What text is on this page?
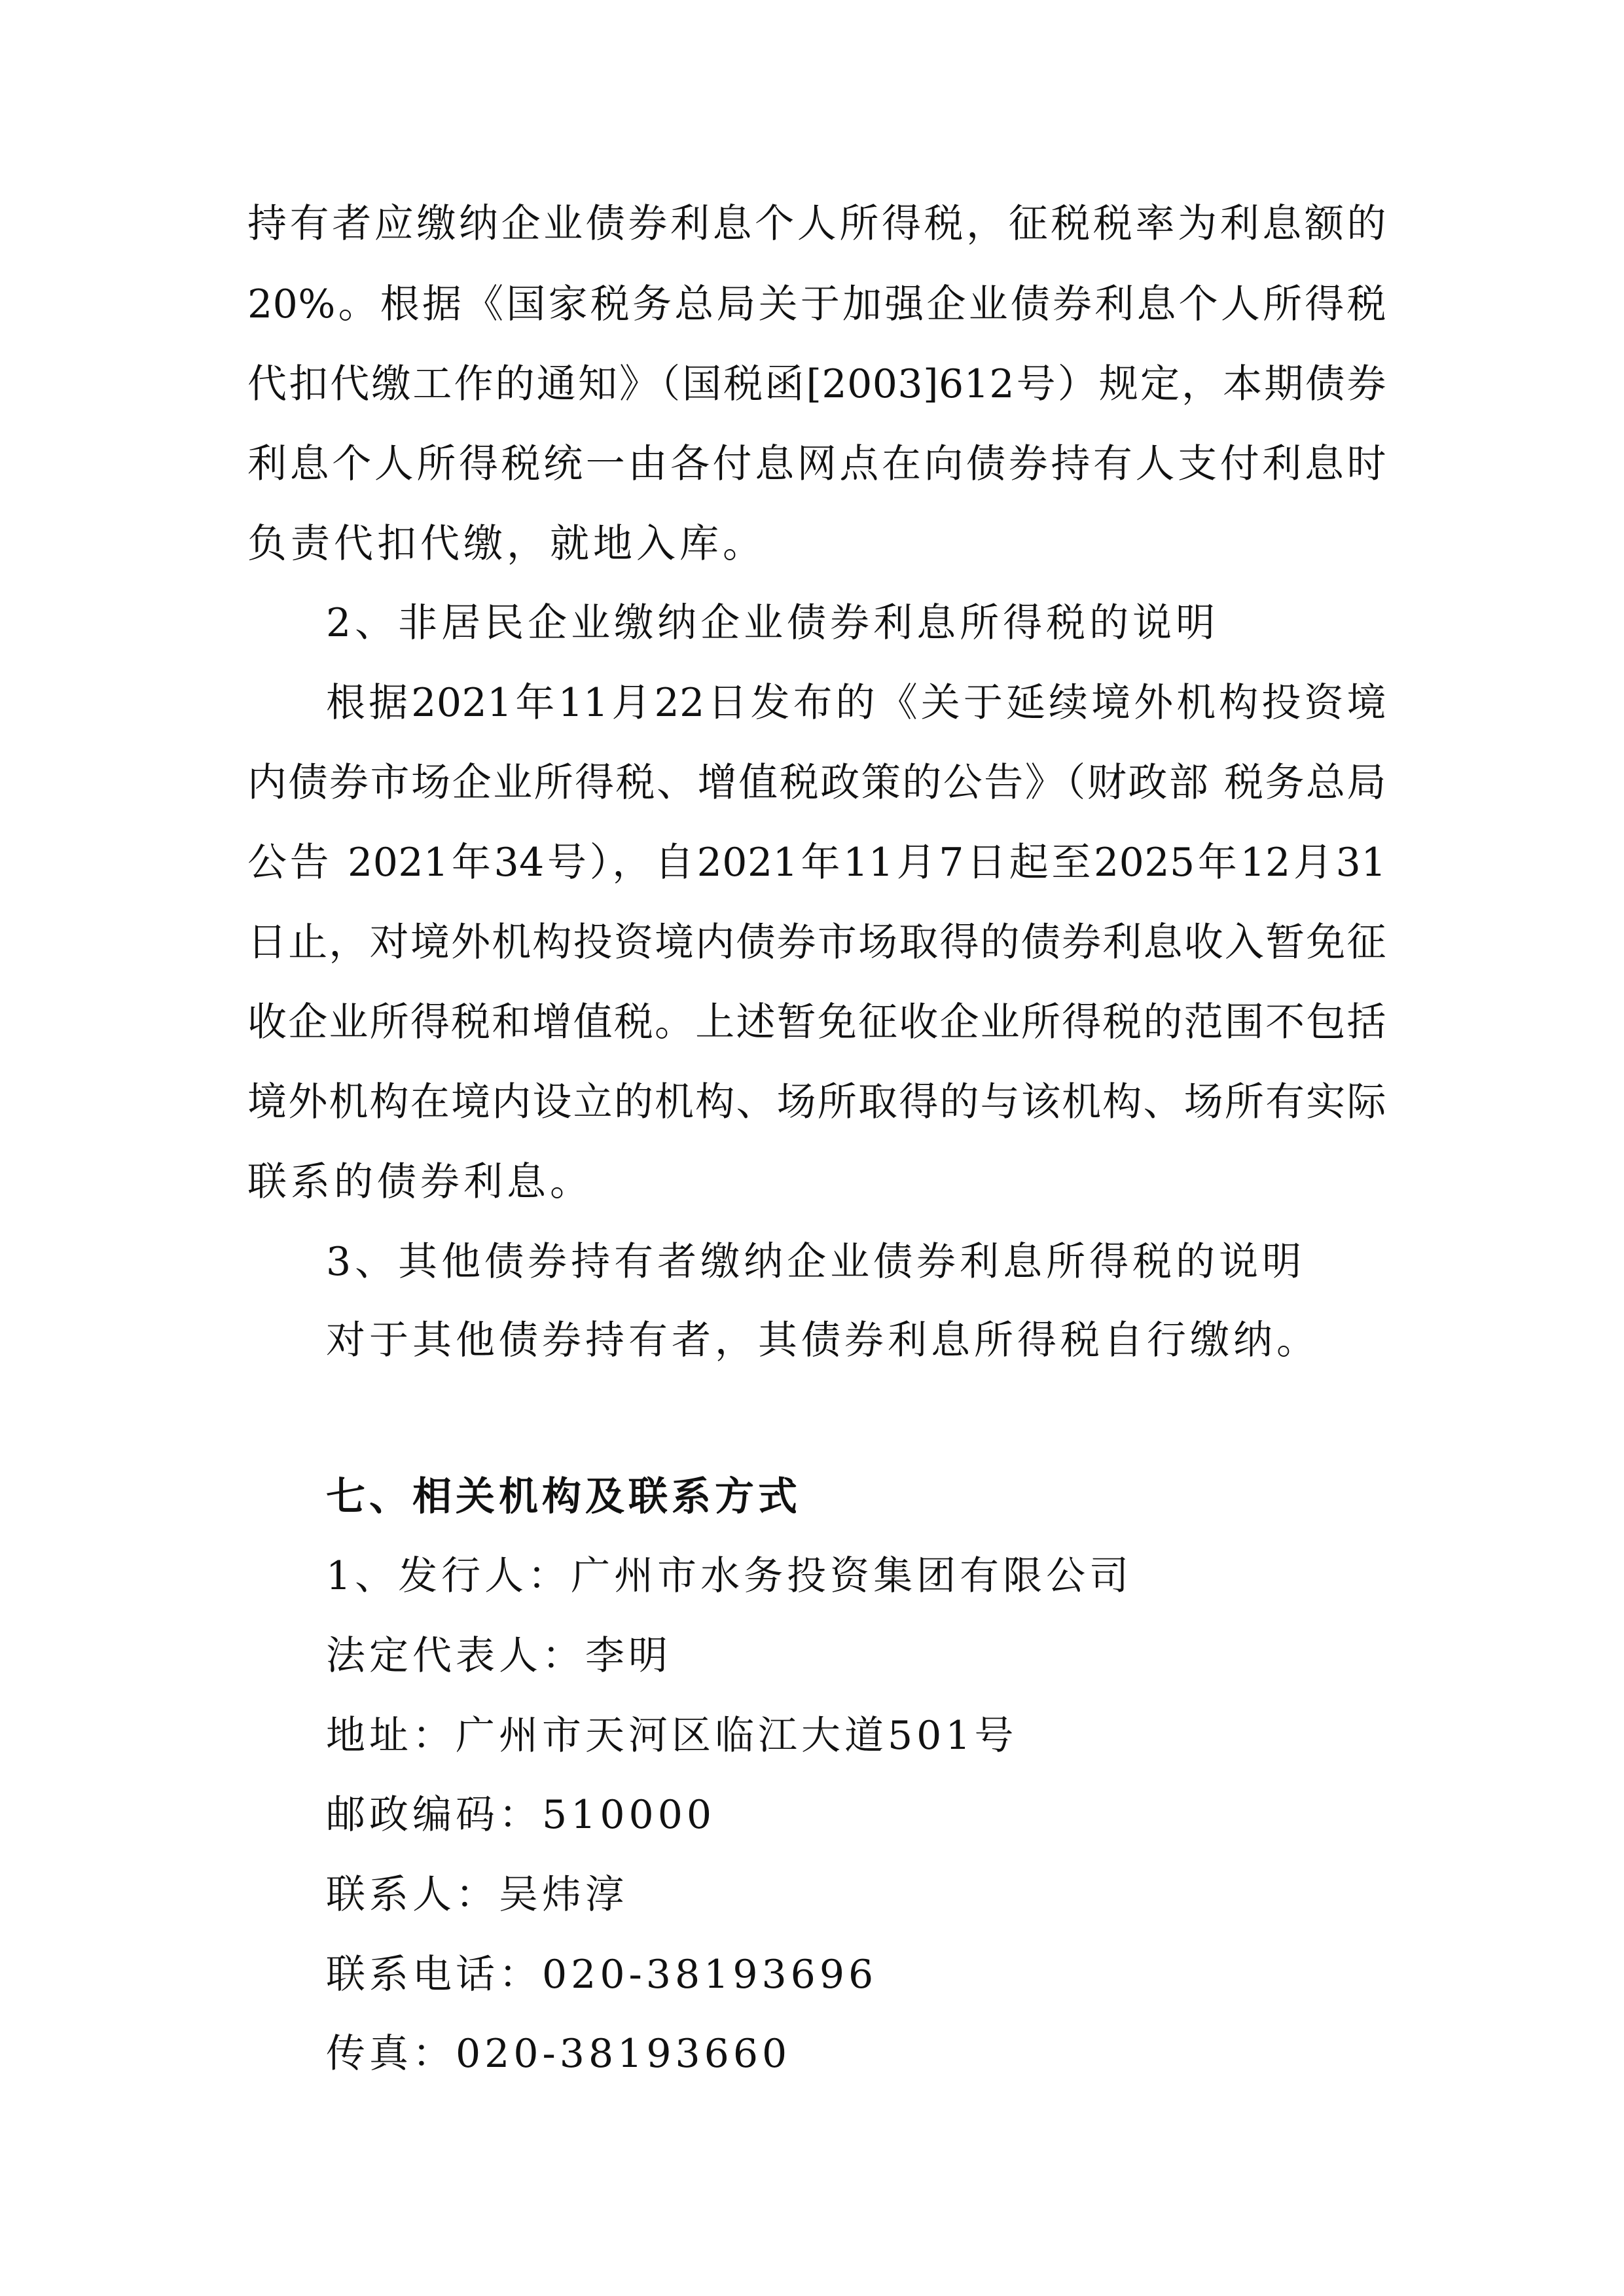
持有者应缴纳企业债券利息个人所得税，征税税率为利息额的
20%。根据《国家税务总局关于加强企业债券利息个人所得税
代扣代缴工作的通知》（国税函[2003]612号）规定，本期债券
利息个人所得税统一由各付息网点在向债券持有人支付利息时
负责代扣代缴，就地入库。
2、非居民企业缴纳企业债券利息所得税的说明
根据2021年11月22日发布的《关于延续境外机构投资境
内债券市场企业所得税、增值税政策的公告》（财政部 税务总局
公告 2021年34号），自2021年11月7日起至2025年12月31
日止，对境外机构投资境内债券市场取得的债券利息收入暂免征
收企业所得税和增值税。上述暂免征收企业所得税的范围不包括
境外机构在境内设立的机构、场所取得的与该机构、场所有实际
联系的债券利息。
3、其他债券持有者缴纳企业债券利息所得税的说明
对于其他债券持有者，其债券利息所得税自行缴纳。
七、相关机构及联系方式
1、发行人：广州市水务投资集团有限公司
法定代表人：李明
地址：广州市天河区临江大道501号
邮政编码：510000
联系人：吴炜淳
联系电话：020-38193696
传真：020-38193660
